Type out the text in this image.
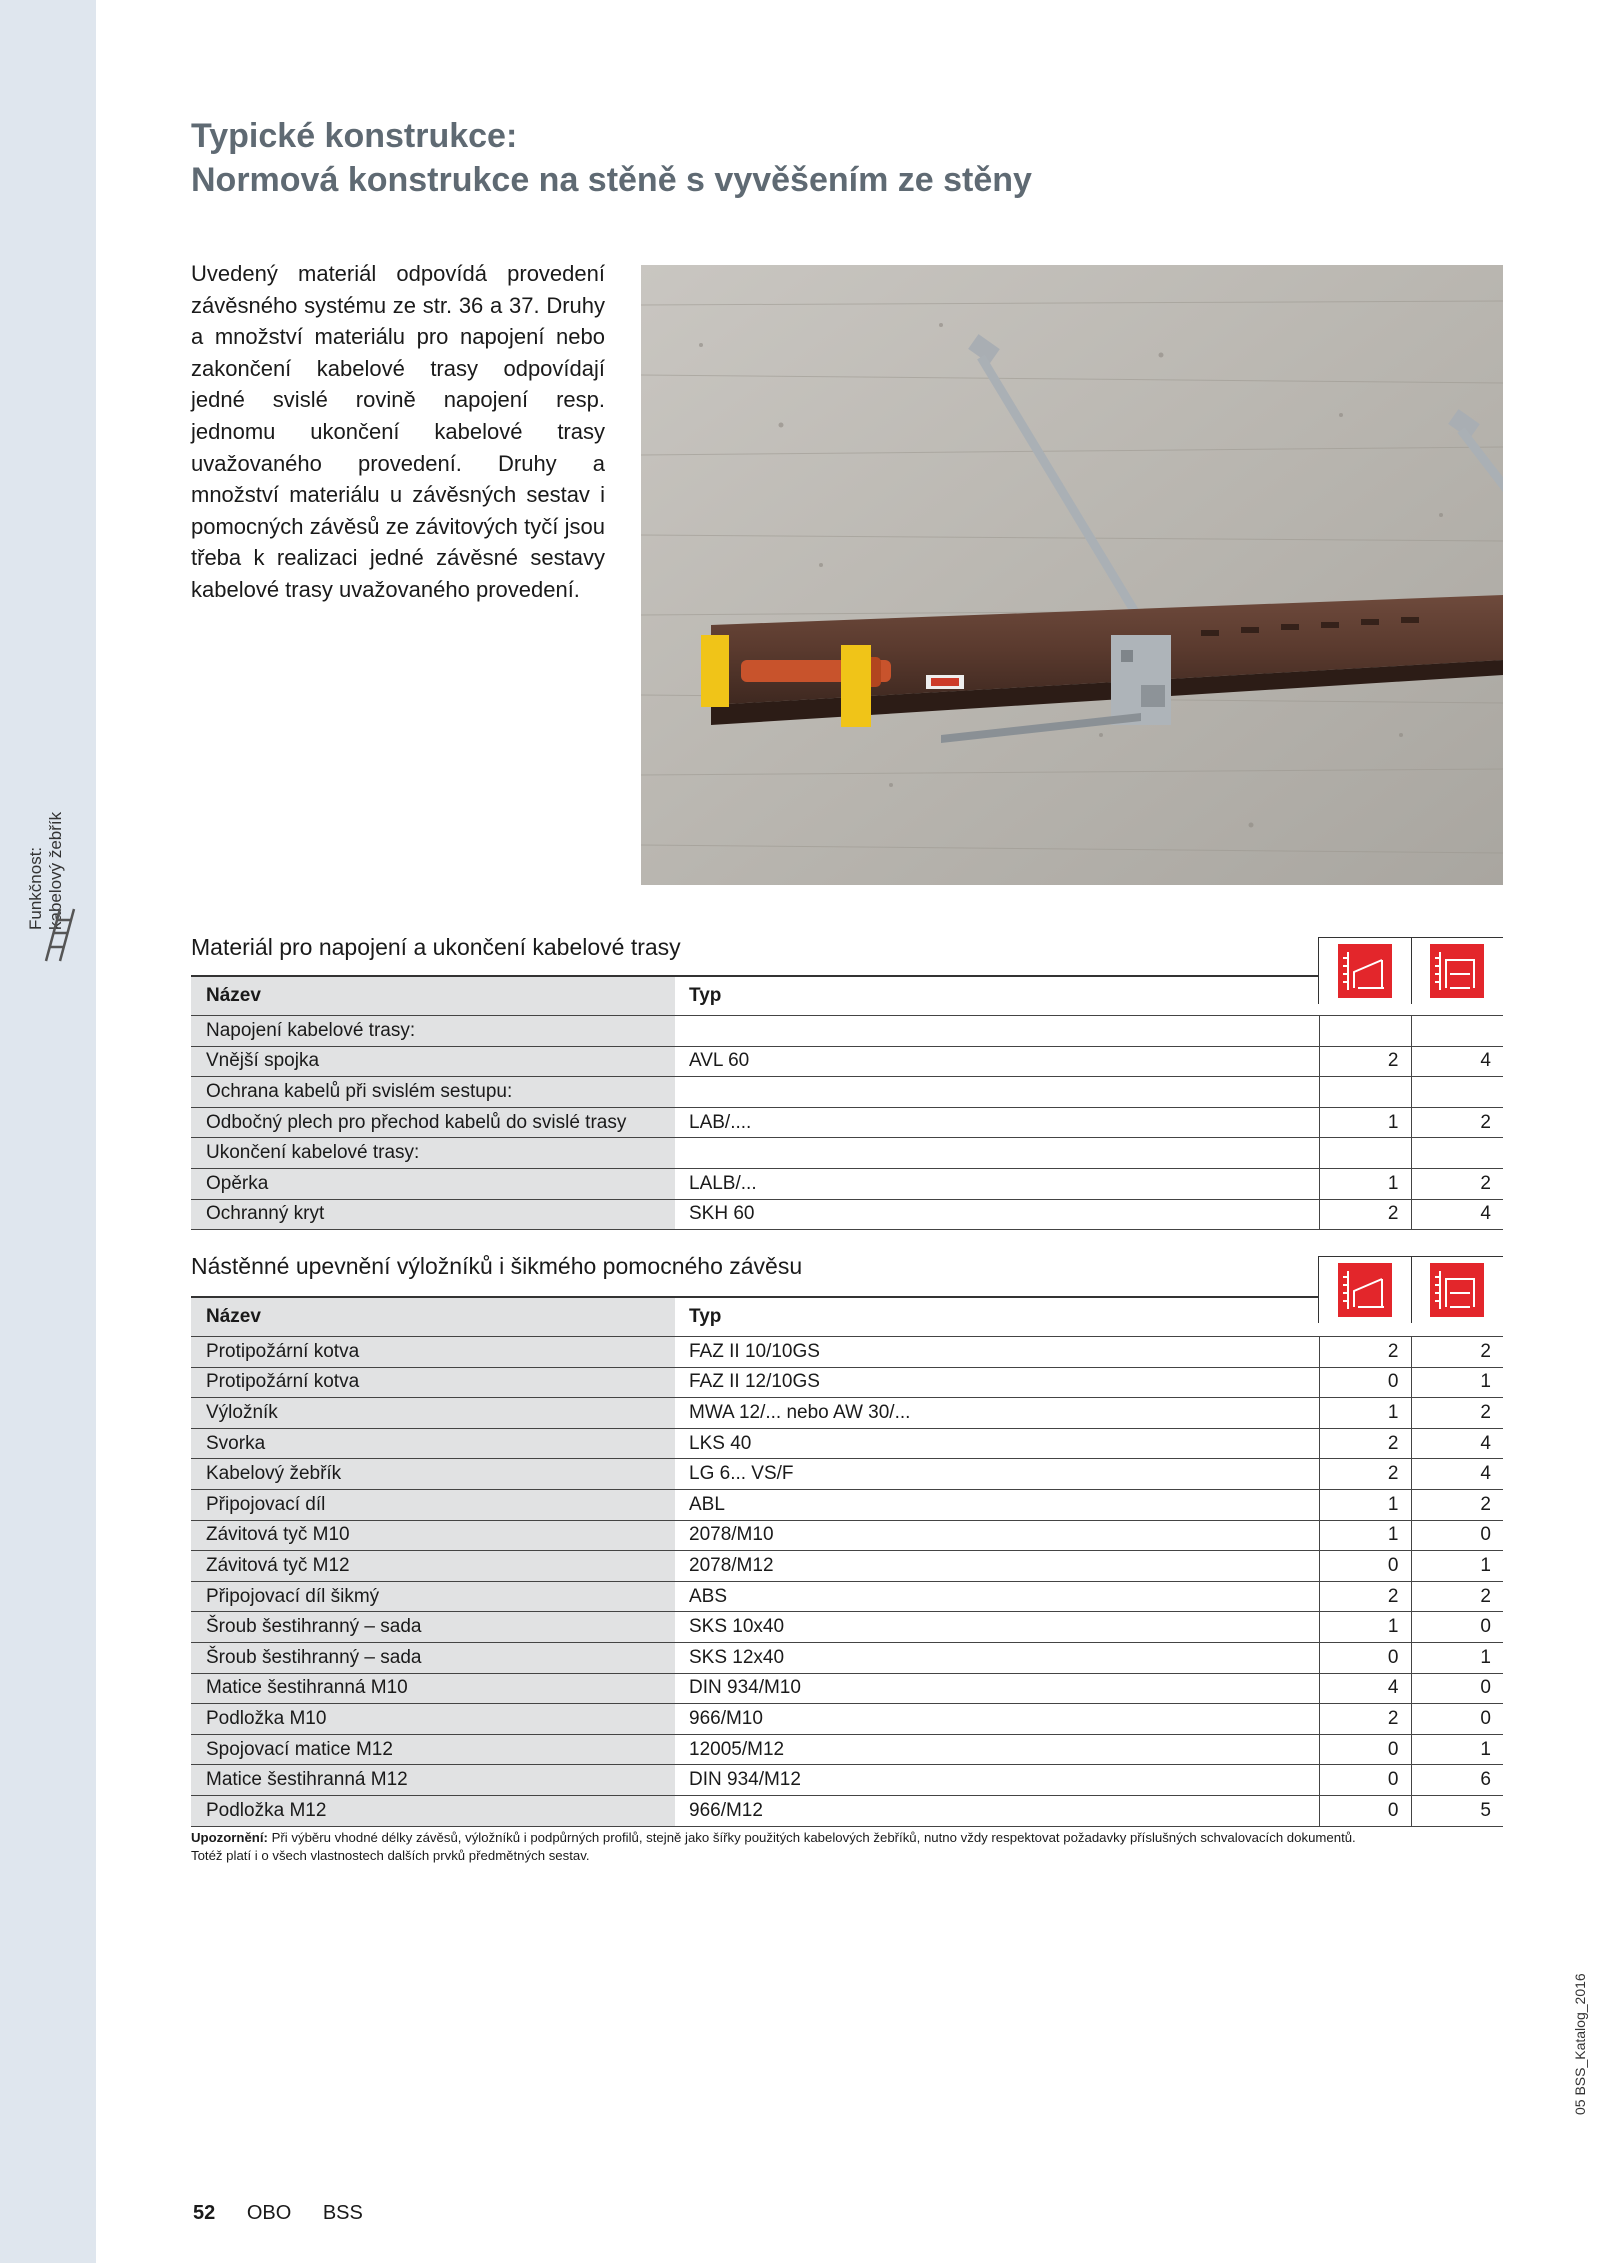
Funkčnost: kabelový žebřík
Typické konstrukce:
Normová konstrukce na stěně s vyvěšením ze stěny

Uvedený materiál odpovídá provedení závěsného systému ze str. 36 a 37. Druhy a množství materiálu pro napojení nebo zakončení kabelové trasy odpovídají jedné svislé rovině napojení resp. jednomu ukončení kabelové trasy uvažovaného provedení. Druhy a množství materiálu u závěsných sestav i pomocných závěsů ze závitových tyčí jsou třeba k realizaci jedné závěsné sestavy kabelové trasy uvažovaného provedení.

Materiál pro napojení a ukončení kabelové trasy
Název	Typ		
Napojení kabelové trasy:			
Vnější spojka	AVL 60	2	4
Ochrana kabelů při svislém sestupu:			
Odbočný plech pro přechod kabelů do svislé trasy	LAB/....	1	2
Ukončení kabelové trasy:			
Opěrka	LALB/...	1	2
Ochranný kryt	SKH 60	2	4
Nástěnné upevnění výložníků i šikmého pomocného závěsu
Název	Typ		
Protipožární kotva	FAZ II 10/10GS	2	2
Protipožární kotva	FAZ II 12/10GS	0	1
Výložník	MWA 12/... nebo AW 30/...	1	2
Svorka	LKS 40	2	4
Kabelový žebřík	LG 6... VS/F	2	4
Připojovací díl	ABL	1	2
Závitová tyč M10	2078/M10	1	0
Závitová tyč M12	2078/M12	0	1
Připojovací díl šikmý	ABS	2	2
Šroub šestihranný – sada	SKS 10x40	1	0
Šroub šestihranný – sada	SKS 12x40	0	1
Matice šestihranná M10	DIN 934/M10	4	0
Podložka M10	966/M10	2	0
Spojovací matice M12	12005/M12	0	1
Matice šestihranná M12	DIN 934/M12	0	6
Podložka M12	966/M12	0	5
Upozornění: Při výběru vhodné délky závěsů, výložníků i podpůrných profilů, stejně jako šířky použitých kabelových žebříků, nutno vždy respektovat požadavky příslušných schvalovacích dokumentů.
Totéž platí i o všech vlastnostech dalších prvků předmětných sestav.
52 OBO BSS
05 BSS_Katalog_2016
